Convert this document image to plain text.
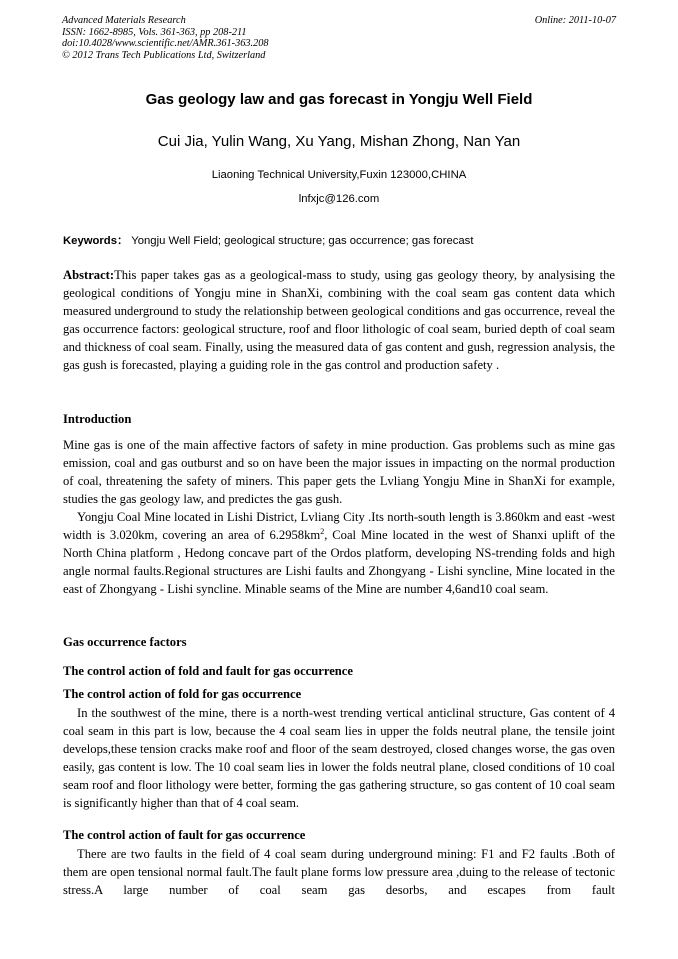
Advanced Materials Research
ISSN: 1662-8985, Vols. 361-363, pp 208-211
doi:10.4028/www.scientific.net/AMR.361-363.208
© 2012 Trans Tech Publications Ltd, Switzerland
Online: 2011-10-07
Gas geology law and gas forecast in Yongju Well Field
Cui Jia, Yulin Wang, Xu Yang, Mishan Zhong, Nan Yan
Liaoning Technical University,Fuxin 123000,CHINA
lnfxjc@126.com
Keywords： Yongju Well Field; geological structure; gas occurrence; gas forecast

Abstract:This paper takes gas as a geological-mass to study, using gas geology theory, by analysising the geological conditions of Yongju mine in ShanXi, combining with the coal seam gas content data which measured underground to study the relationship between geological conditions and gas occurrence, reveal the gas occurrence factors: geological structure, roof and floor lithologic of coal seam, buried depth of coal seam and thickness of coal seam. Finally, using the measured data of gas content and gush, regression analysis, the gas gush is forecasted, playing a guiding role in the gas control and production safety .

Introduction

Mine gas is one of the main affective factors of safety in mine production. Gas problems such as mine gas emission, coal and gas outburst and so on have been the major issues in impacting on the normal production of coal, threatening the safety of miners. This paper gets the Lvliang Yongju Mine in ShanXi for example, studies the gas geology law, and predictes the gas gush.

Yongju Coal Mine located in Lishi District, Lvliang City .Its north-south length is 3.860km and east -west width is 3.020km, covering an area of $6.2958km^2$, Coal Mine located in the west of Shanxi uplift of the North China platform , Hedong concave part of the Ordos platform, developing NS-trending folds and high angle normal faults.Regional structures are Lishi faults and Zhongyang - Lishi syncline, Mine located in the east of Zhongyang - Lishi syncline. Minable seams of the Mine are number 4,6and10 coal seam.

Gas occurrence factors
The control action of fold and fault for gas occurrence
The control action of fold for gas occurrence

In the southwest of the mine, there is a north-west trending vertical anticlinal structure, Gas content of 4 coal seam in this part is low, because the 4 coal seam lies in upper the folds neutral plane, the tensile joint develops,these tension cracks make roof and floor of the seam destroyed, closed changes worse, the gas oven easily, gas content is low. The 10 coal seam lies in lower the folds neutral plane, closed conditions of 10 coal seam roof and floor lithology were better, forming the gas gathering structure, so gas content of 10 coal seam is significantly higher than that of 4 coal seam.

The control action of fault for gas occurrence

There are two faults in the field of 4 coal seam during underground mining: F1 and F2 faults .Both of them are open tensional normal fault.The fault plane forms low pressure area ,duing to the release of tectonic stress.A large number of coal seam gas desorbs, and escapes from fault
